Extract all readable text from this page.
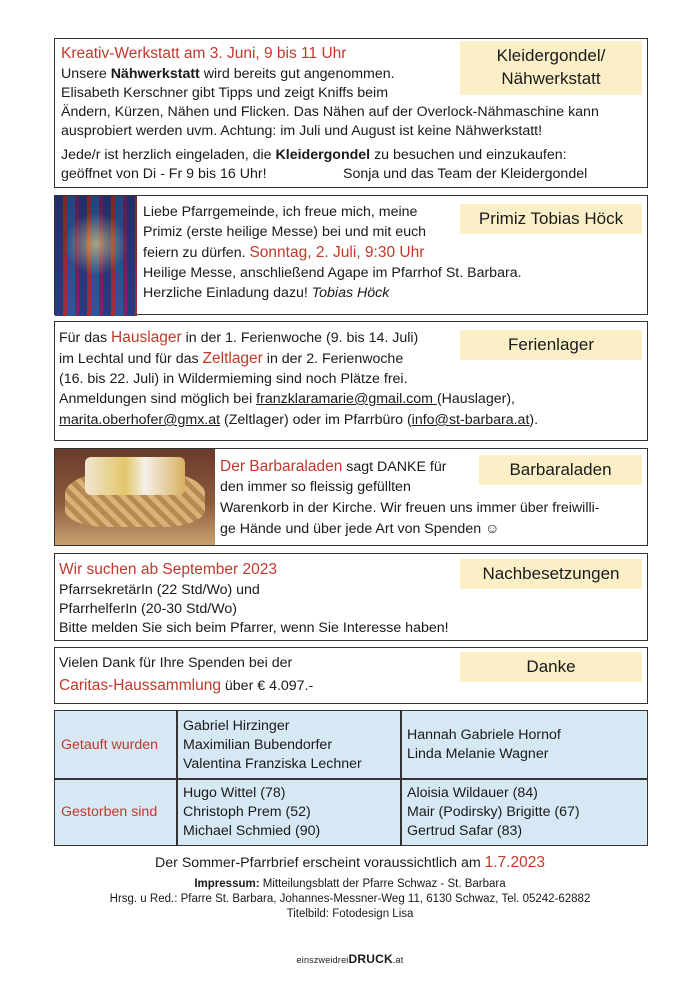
Kleidergondel/
Nähwerkstatt
Kreativ-Werkstatt am 3. Juni, 9 bis 11 Uhr
Unsere Nähwerkstatt wird bereits gut angenommen.
Elisabeth Kerschner gibt Tipps und zeigt Kniffs beim
Ändern, Kürzen, Nähen und Flicken. Das Nähen auf der Overlock-Nähmaschine kann
ausprobiert werden uvm. Achtung: im Juli und August ist keine Nähwerkstatt!
Jede/r ist herzlich eingeladen, die Kleidergondel zu besuchen und einzukaufen:
geöffnet von Di - Fr 9 bis 16 Uhr!	Sonja und das Team der Kleidergondel
Primiz Tobias Höck
Liebe Pfarrgemeinde, ich freue mich, meine
Primiz (erste heilige Messe) bei und mit euch
feiern zu dürfen. Sonntag, 2. Juli, 9:30 Uhr
Heilige Messe, anschließend Agape im Pfarrhof St. Barbara.
Herzliche Einladung dazu! Tobias Höck
Ferienlager
Für das Hauslager in der 1. Ferienwoche (9. bis 14. Juli)
im Lechtal und für das Zeltlager in der 2. Ferienwoche
(16. bis 22. Juli) in Wildermieming sind noch Plätze frei.
Anmeldungen sind möglich bei franzklaramarie@gmail.com (Hauslager),
marita.oberhofer@gmx.at (Zeltlager) oder im Pfarrbüro (info@st-barbara.at).
Barbaraladen
Der Barbaraladen sagt DANKE für
den immer so fleissig gefüllten
Warenkorb in der Kirche. Wir freuen uns immer über freiwilli-
ge Hände und über jede Art von Spenden ☺
Nachbesetzungen
Wir suchen ab September 2023
PfarrsekretärIn (22 Std/Wo) und
PfarrhelferIn (20-30 Std/Wo)
Bitte melden Sie sich beim Pfarrer, wenn Sie Interesse haben!
Danke
Vielen Dank für Ihre Spenden bei der
Caritas-Haussammlung über € 4.097.-
Getauft wurden
Gabriel Hirzinger
Maximilian Bubendorfer
Valentina Franziska Lechner
Hannah Gabriele Hornof
Linda Melanie Wagner
Gestorben sind
Hugo Wittel (78)
Christoph Prem (52)
Michael Schmied (90)
Aloisia Wildauer (84)
Mair (Podirsky) Brigitte (67)
Gertrud Safar (83)
Der Sommer-Pfarrbrief erscheint voraussichtlich am 1.7.2023
Impressum: Mitteilungsblatt der Pfarre Schwaz - St. Barbara
Hrsg. u Red.: Pfarre St. Barbara, Johannes-Messner-Weg 11, 6130 Schwaz, Tel. 05242-62882
Titelbild: Fotodesign Lisa
einszweidreiDRUCK.at
